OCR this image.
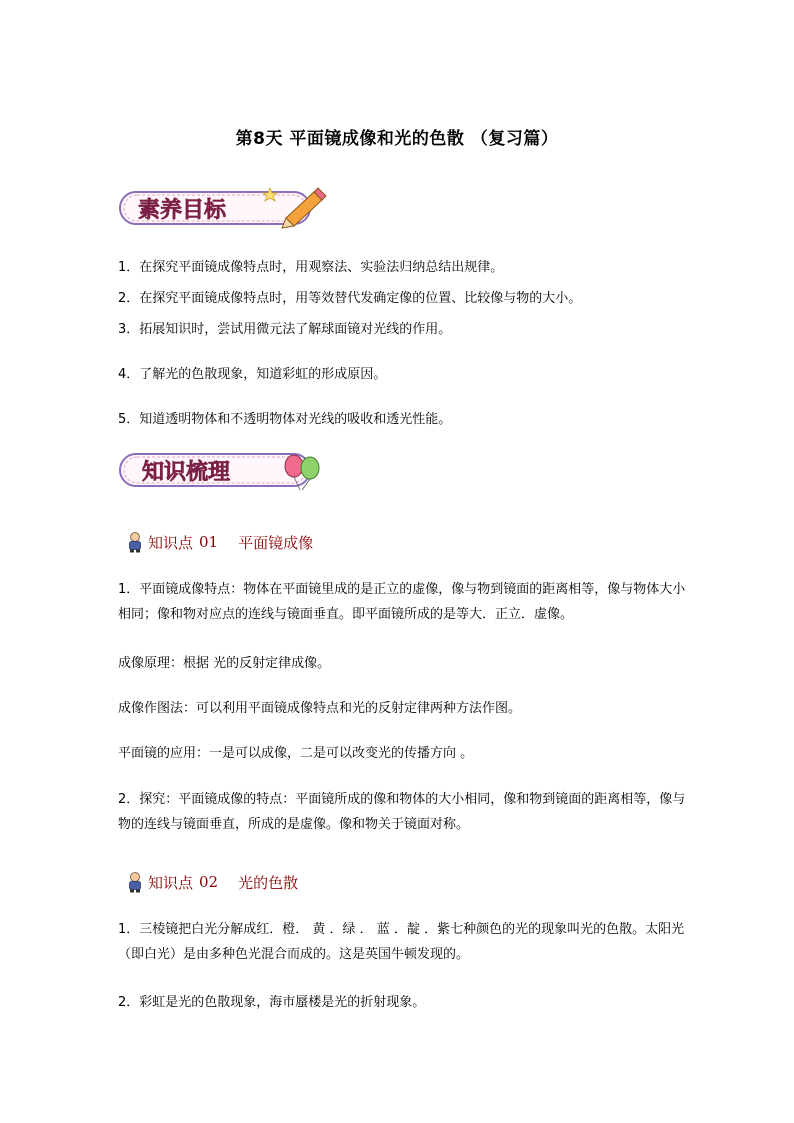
第8天 平面镜成像和光的色散 （复习篇）
素养目标
1．在探究平面镜成像特点时，用观察法、实验法归纳总结出规律。
2．在探究平面镜成像特点时，用等效替代发确定像的位置、比较像与物的大小。
3．拓展知识时，尝试用微元法了解球面镜对光线的作用。
4．了解光的色散现象，知道彩虹的形成原因。
5．知道透明物体和不透明物体对光线的吸收和透光性能。
知识梳理
知识点 01 平面镜成像
1．平面镜成像特点：物体在平面镜里成的是正立的虚像，像与物到镜面的距离相等，像与物体大小相同；像和物对应点的连线与镜面垂直。即平面镜所成的是等大．正立．虚像。
成像原理：根据 光的反射定律成像。
成像作图法：可以利用平面镜成像特点和光的反射定律两种方法作图。
平面镜的应用：一是可以成像，二是可以改变光的传播方向 。
2．探究：平面镜成像的特点：平面镜所成的像和物体的大小相同，像和物到镜面的距离相等，像与物的连线与镜面垂直，所成的是虚像。像和物关于镜面对称。
知识点 02 光的色散
1．三棱镜把白光分解成红．橙． 黄 ．绿 ． 蓝 ．靛 ．紫七种颜色的光的现象叫光的色散。太阳光（即白光）是由多种色光混合而成的。这是英国牛顿发现的。
2．彩虹是光的色散现象，海市蜃楼是光的折射现象。
